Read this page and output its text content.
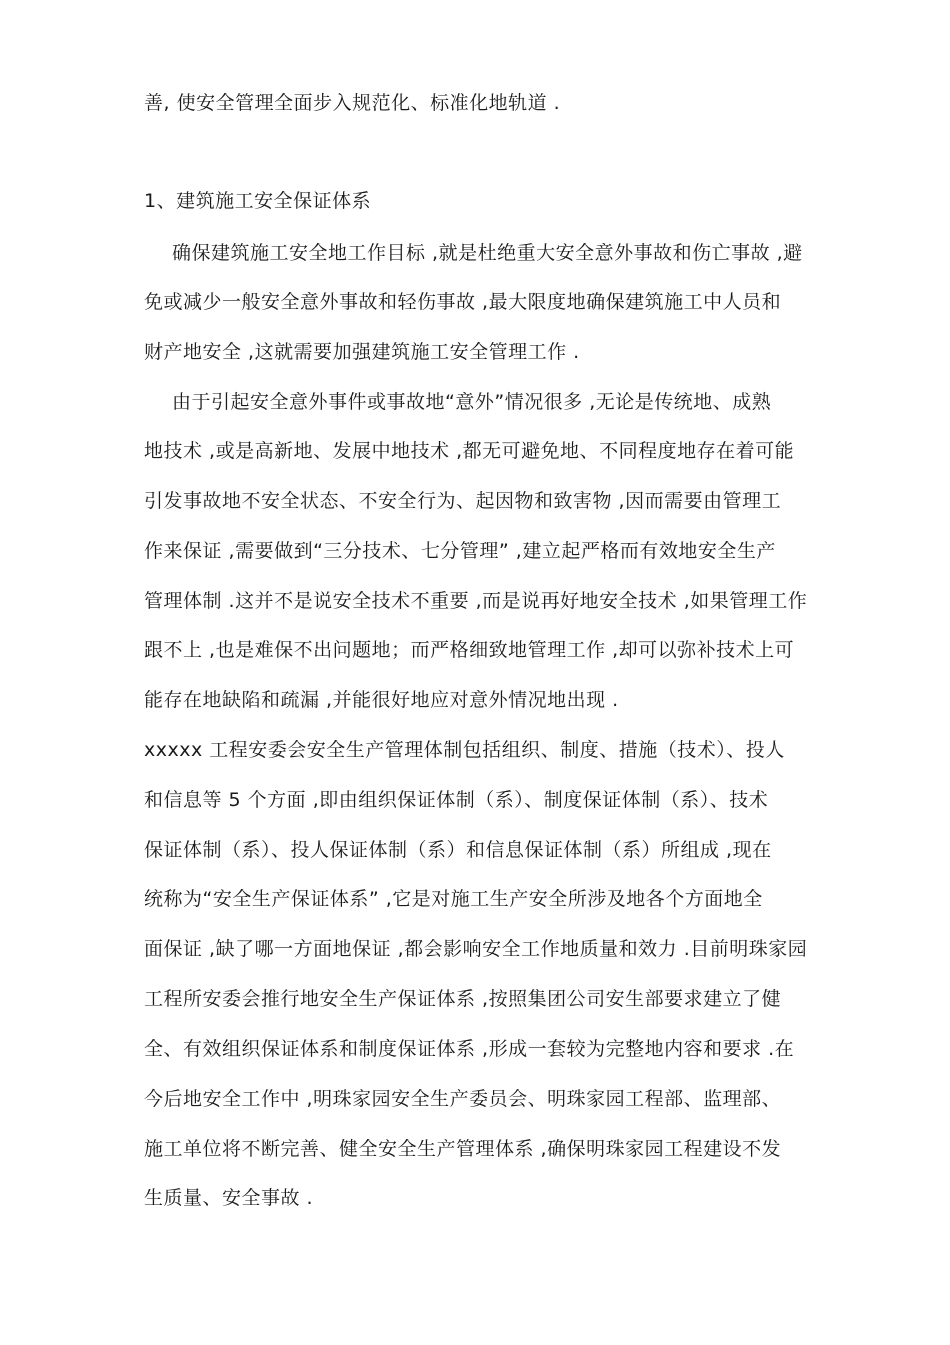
善, 使安全管理全面步入规范化、标准化地轨道 .
1、建筑施工安全保证体系
确保建筑施工安全地工作目标 ,就是杜绝重大安全意外事故和伤亡事故 ,避
免或减少一般安全意外事故和轻伤事故 ,最大限度地确保建筑施工中人员和
财产地安全 ,这就需要加强建筑施工安全管理工作 .
由于引起安全意外事件或事故地“意外”情况很多 ,无论是传统地、成熟
地技术 ,或是高新地、发展中地技术 ,都无可避免地、不同程度地存在着可能
引发事故地不安全状态、不安全行为、起因物和致害物 ,因而需要由管理工
作来保证 ,需要做到“三分技术、七分管理” ,建立起严格而有效地安全生产
管理体制 .这并不是说安全技术不重要 ,而是说再好地安全技术 ,如果管理工作
跟不上 ,也是难保不出问题地；而严格细致地管理工作 ,却可以弥补技术上可
能存在地缺陷和疏漏 ,并能很好地应对意外情况地出现 .
xxxxx 工程安委会安全生产管理体制包括组织、制度、措施（技术）、投人
和信息等 5 个方面 ,即由组织保证体制（系）、制度保证体制（系）、技术
保证体制（系）、投人保证体制（系）和信息保证体制（系）所组成 ,现在
统称为“安全生产保证体系” ,它是对施工生产安全所涉及地各个方面地全
面保证 ,缺了哪一方面地保证 ,都会影响安全工作地质量和效力 .目前明珠家园
工程所安委会推行地安全生产保证体系 ,按照集团公司安生部要求建立了健
全、有效组织保证体系和制度保证体系 ,形成一套较为完整地内容和要求 .在
今后地安全工作中 ,明珠家园安全生产委员会、明珠家园工程部、监理部、
施工单位将不断完善、健全安全生产管理体系 ,确保明珠家园工程建设不发
生质量、安全事故 .
